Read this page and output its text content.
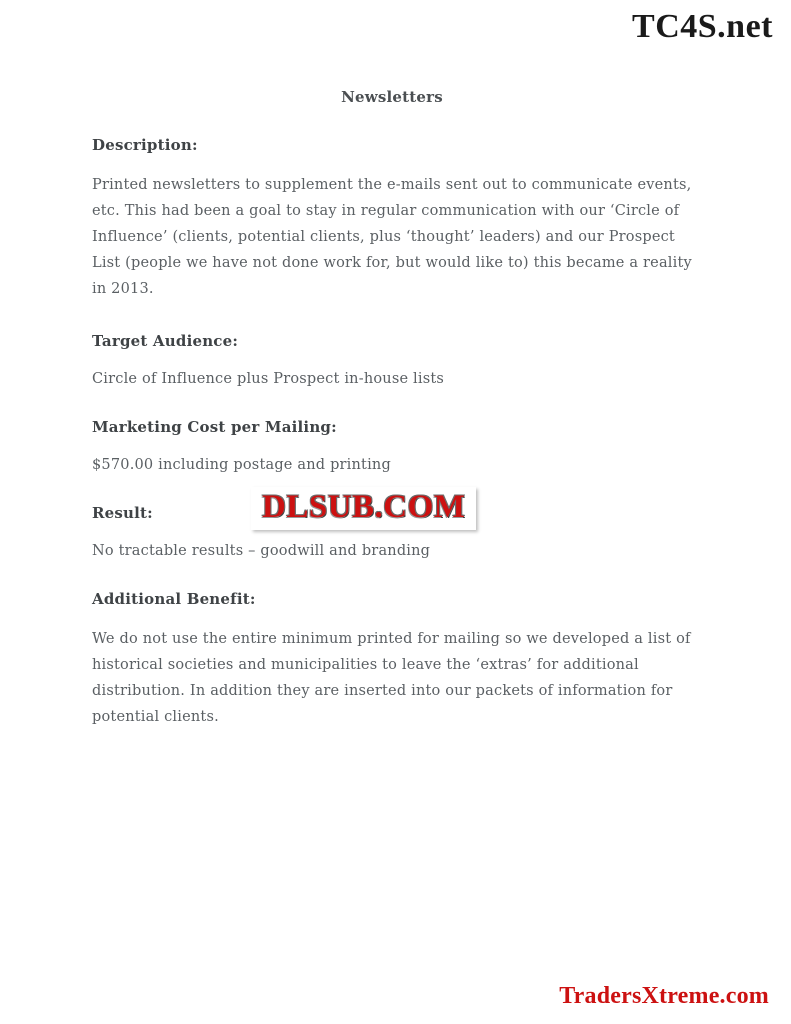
TC4S.net
Newsletters
Description:

Printed newsletters to supplement the e-mails sent out to communicate events, etc. This had been a goal to stay in regular communication with our ‘Circle of Influence’ (clients, potential clients, plus ‘thought’ leaders) and our Prospect List (people we have not done work for, but would like to) this became a reality in 2013.

Target Audience:

Circle of Influence plus Prospect in-house lists

Marketing Cost per Mailing:

$570.00 including postage and printing

Result:

No tractable results – goodwill and branding

Additional Benefit:

We do not use the entire minimum printed for mailing so we developed a list of historical societies and municipalities to leave the ‘extras’ for additional distribution. In addition they are inserted into our packets of information for potential clients.

DLSUB.COM
TradersXtreme.com
